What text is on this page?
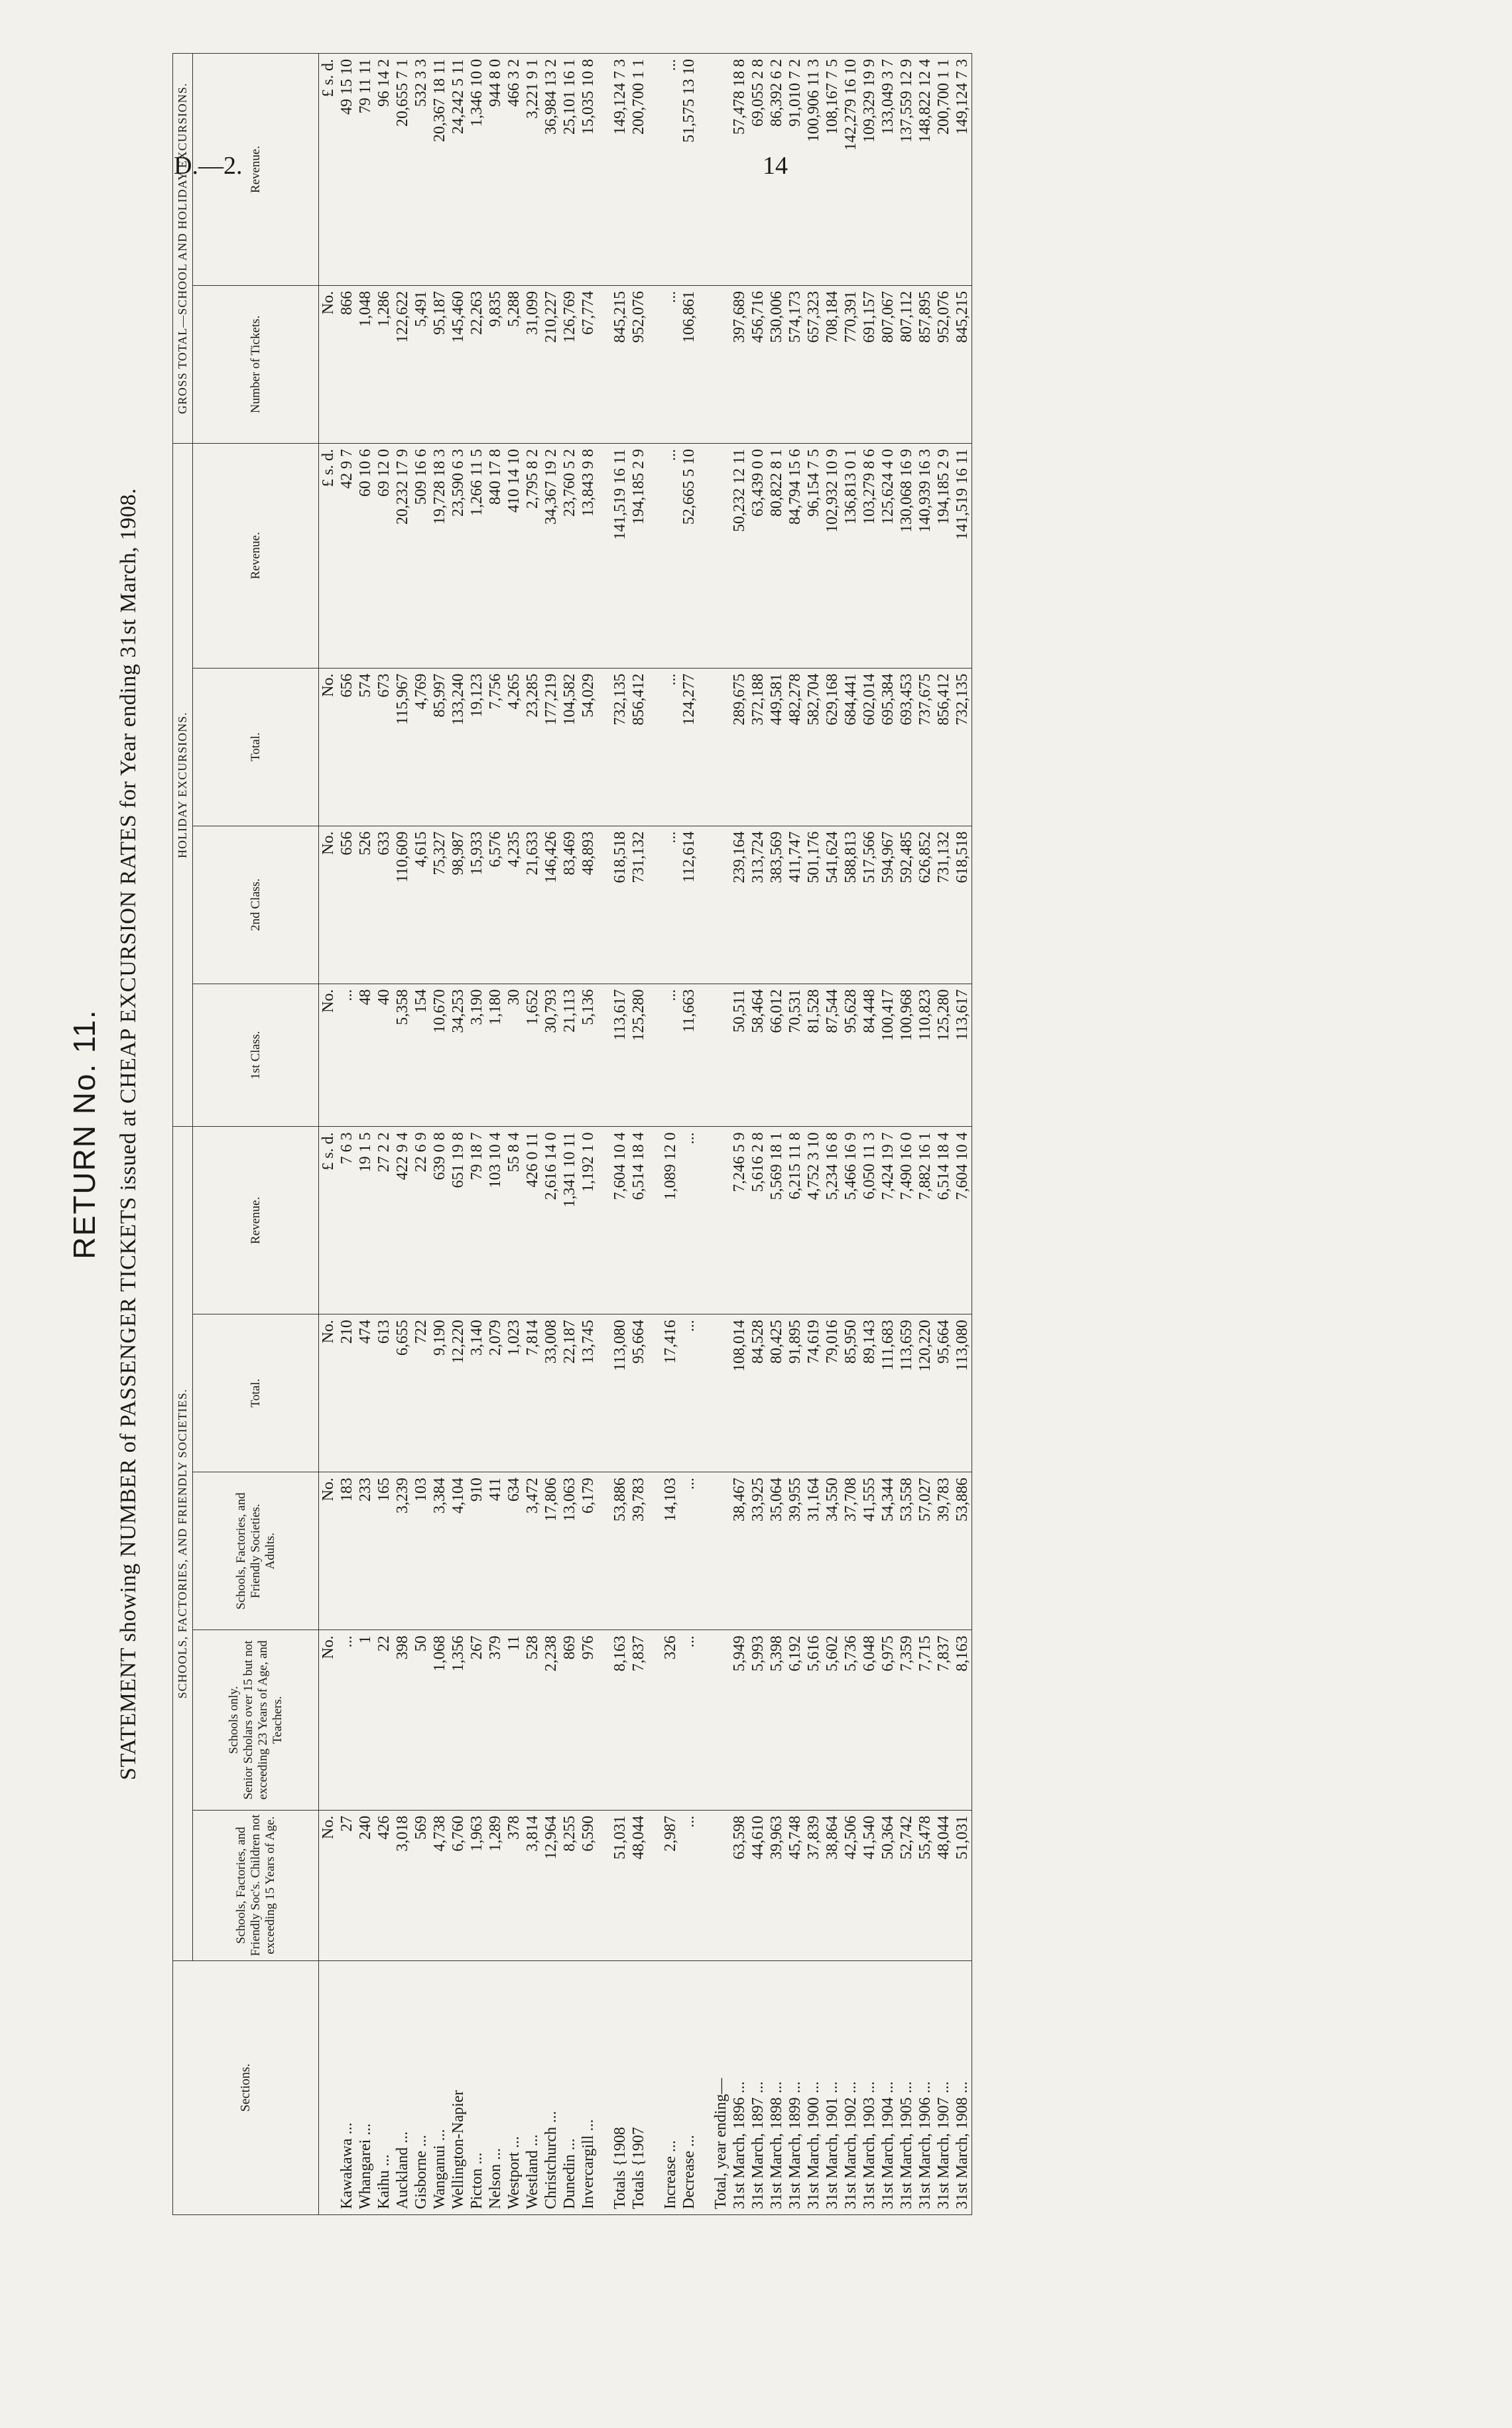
D.—2.	14
RETURN No. 11. STATEMENT showing NUMBER of PASSENGER TICKETS issued at CHEAP EXCURSION RATES for Year ending 31st March, 1908.
Sections.	SCHOOLS, FACTORIES, AND FRIENDLY SOCIETIES.					HOLIDAY EXCURSIONS.				GROSS TOTAL—SCHOOL AND HOLIDAY EXCURSIONS.	
	Schools, Factories, and Friendly Soc's. Children not exceeding 15 Years of Age.	Schools only.
Senior Scholars over 15 but not exceeding 23 Years of Age, and Teachers.	Schools, Factories, and Friendly Societies.
Adults.	Total.	Revenue.	1st Class.	2nd Class.	Total.	Revenue.	Number of Tickets.	Revenue.
	No.	No.	No.	No.	£ s. d.	No.	No.	No.	£ s. d.	No.	£ s. d.
Kawakawa ...	27	...	183	210	7 6 3	...	656	656	42 9 7	866	49 15 10
Whangarei ...	240	1	233	474	19 1 5	48	526	574	60 10 6	1,048	79 11 11
Kaihu ...	426	22	165	613	27 2 2	40	633	673	69 12 0	1,286	96 14 2
Auckland ...	3,018	398	3,239	6,655	422 9 4	5,358	110,609	115,967	20,232 17 9	122,622	20,655 7 1
Gisborne ...	569	50	103	722	22 6 9	154	4,615	4,769	509 16 6	5,491	532 3 3
Wanganui ...	4,738	1,068	3,384	9,190	639 0 8	10,670	75,327	85,997	19,728 18 3	95,187	20,367 18 11
Wellington-Napier	6,760	1,356	4,104	12,220	651 19 8	34,253	98,987	133,240	23,590 6 3	145,460	24,242 5 11
Picton ...	1,963	267	910	3,140	79 18 7	3,190	15,933	19,123	1,266 11 5	22,263	1,346 10 0
Nelson ...	1,289	379	411	2,079	103 10 4	1,180	6,576	7,756	840 17 8	9,835	944 8 0
Westport ...	378	11	634	1,023	55 8 4	30	4,235	4,265	410 14 10	5,288	466 3 2
Westland ...	3,814	528	3,472	7,814	426 0 11	1,652	21,633	23,285	2,795 8 2	31,099	3,221 9 1
Christchurch ...	12,964	2,238	17,806	33,008	2,616 14 0	30,793	146,426	177,219	34,367 19 2	210,227	36,984 13 2
Dunedin ...	8,255	869	13,063	22,187	1,341 10 11	21,113	83,469	104,582	23,760 5 2	126,769	25,101 16 1
Invercargill ...	6,590	976	6,179	13,745	1,192 1 0	5,136	48,893	54,029	13,843 9 8	67,774	15,035 10 8

Totals {1908	51,031	8,163	53,886	113,080	7,604 10 4	113,617	618,518	732,135	141,519 16 11	845,215	149,124 7 3
Totals {1907	48,044	7,837	39,783	95,664	6,514 18 4	125,280	731,132	856,412	194,185 2 9	952,076	200,700 1 1

Increase ...	2,987	326	14,103	17,416	1,089 12 0	...	...	...	...	...	...
Decrease ...	...	...	...	...	...	11,663	112,614	124,277	52,665 5 10	106,861	51,575 13 10

Total, year ending—											
31st March, 1896 ...	63,598	5,949	38,467	108,014	7,246 5 9	50,511	239,164	289,675	50,232 12 11	397,689	57,478 18 8
31st March, 1897 ...	44,610	5,993	33,925	84,528	5,616 2 8	58,464	313,724	372,188	63,439 0 0	456,716	69,055 2 8
31st March, 1898 ...	39,963	5,398	35,064	80,425	5,569 18 1	66,012	383,569	449,581	80,822 8 1	530,006	86,392 6 2
31st March, 1899 ...	45,748	6,192	39,955	91,895	6,215 11 8	70,531	411,747	482,278	84,794 15 6	574,173	91,010 7 2
31st March, 1900 ...	37,839	5,616	31,164	74,619	4,752 3 10	81,528	501,176	582,704	96,154 7 5	657,323	100,906 11 3
31st March, 1901 ...	38,864	5,602	34,550	79,016	5,234 16 8	87,544	541,624	629,168	102,932 10 9	708,184	108,167 7 5
31st March, 1902 ...	42,506	5,736	37,708	85,950	5,466 16 9	95,628	588,813	684,441	136,813 0 1	770,391	142,279 16 10
31st March, 1903 ...	41,540	6,048	41,555	89,143	6,050 11 3	84,448	517,566	602,014	103,279 8 6	691,157	109,329 19 9
31st March, 1904 ...	50,364	6,975	54,344	111,683	7,424 19 7	100,417	594,967	695,384	125,624 4 0	807,067	133,049 3 7
31st March, 1905 ...	52,742	7,359	53,558	113,659	7,490 16 0	100,968	592,485	693,453	130,068 16 9	807,112	137,559 12 9
31st March, 1906 ...	55,478	7,715	57,027	120,220	7,882 16 1	110,823	626,852	737,675	140,939 16 3	857,895	148,822 12 4
31st March, 1907 ...	48,044	7,837	39,783	95,664	6,514 18 4	125,280	731,132	856,412	194,185 2 9	952,076	200,700 1 1
31st March, 1908 ...	51,031	8,163	53,886	113,080	7,604 10 4	113,617	618,518	732,135	141,519 16 11	845,215	149,124 7 3
